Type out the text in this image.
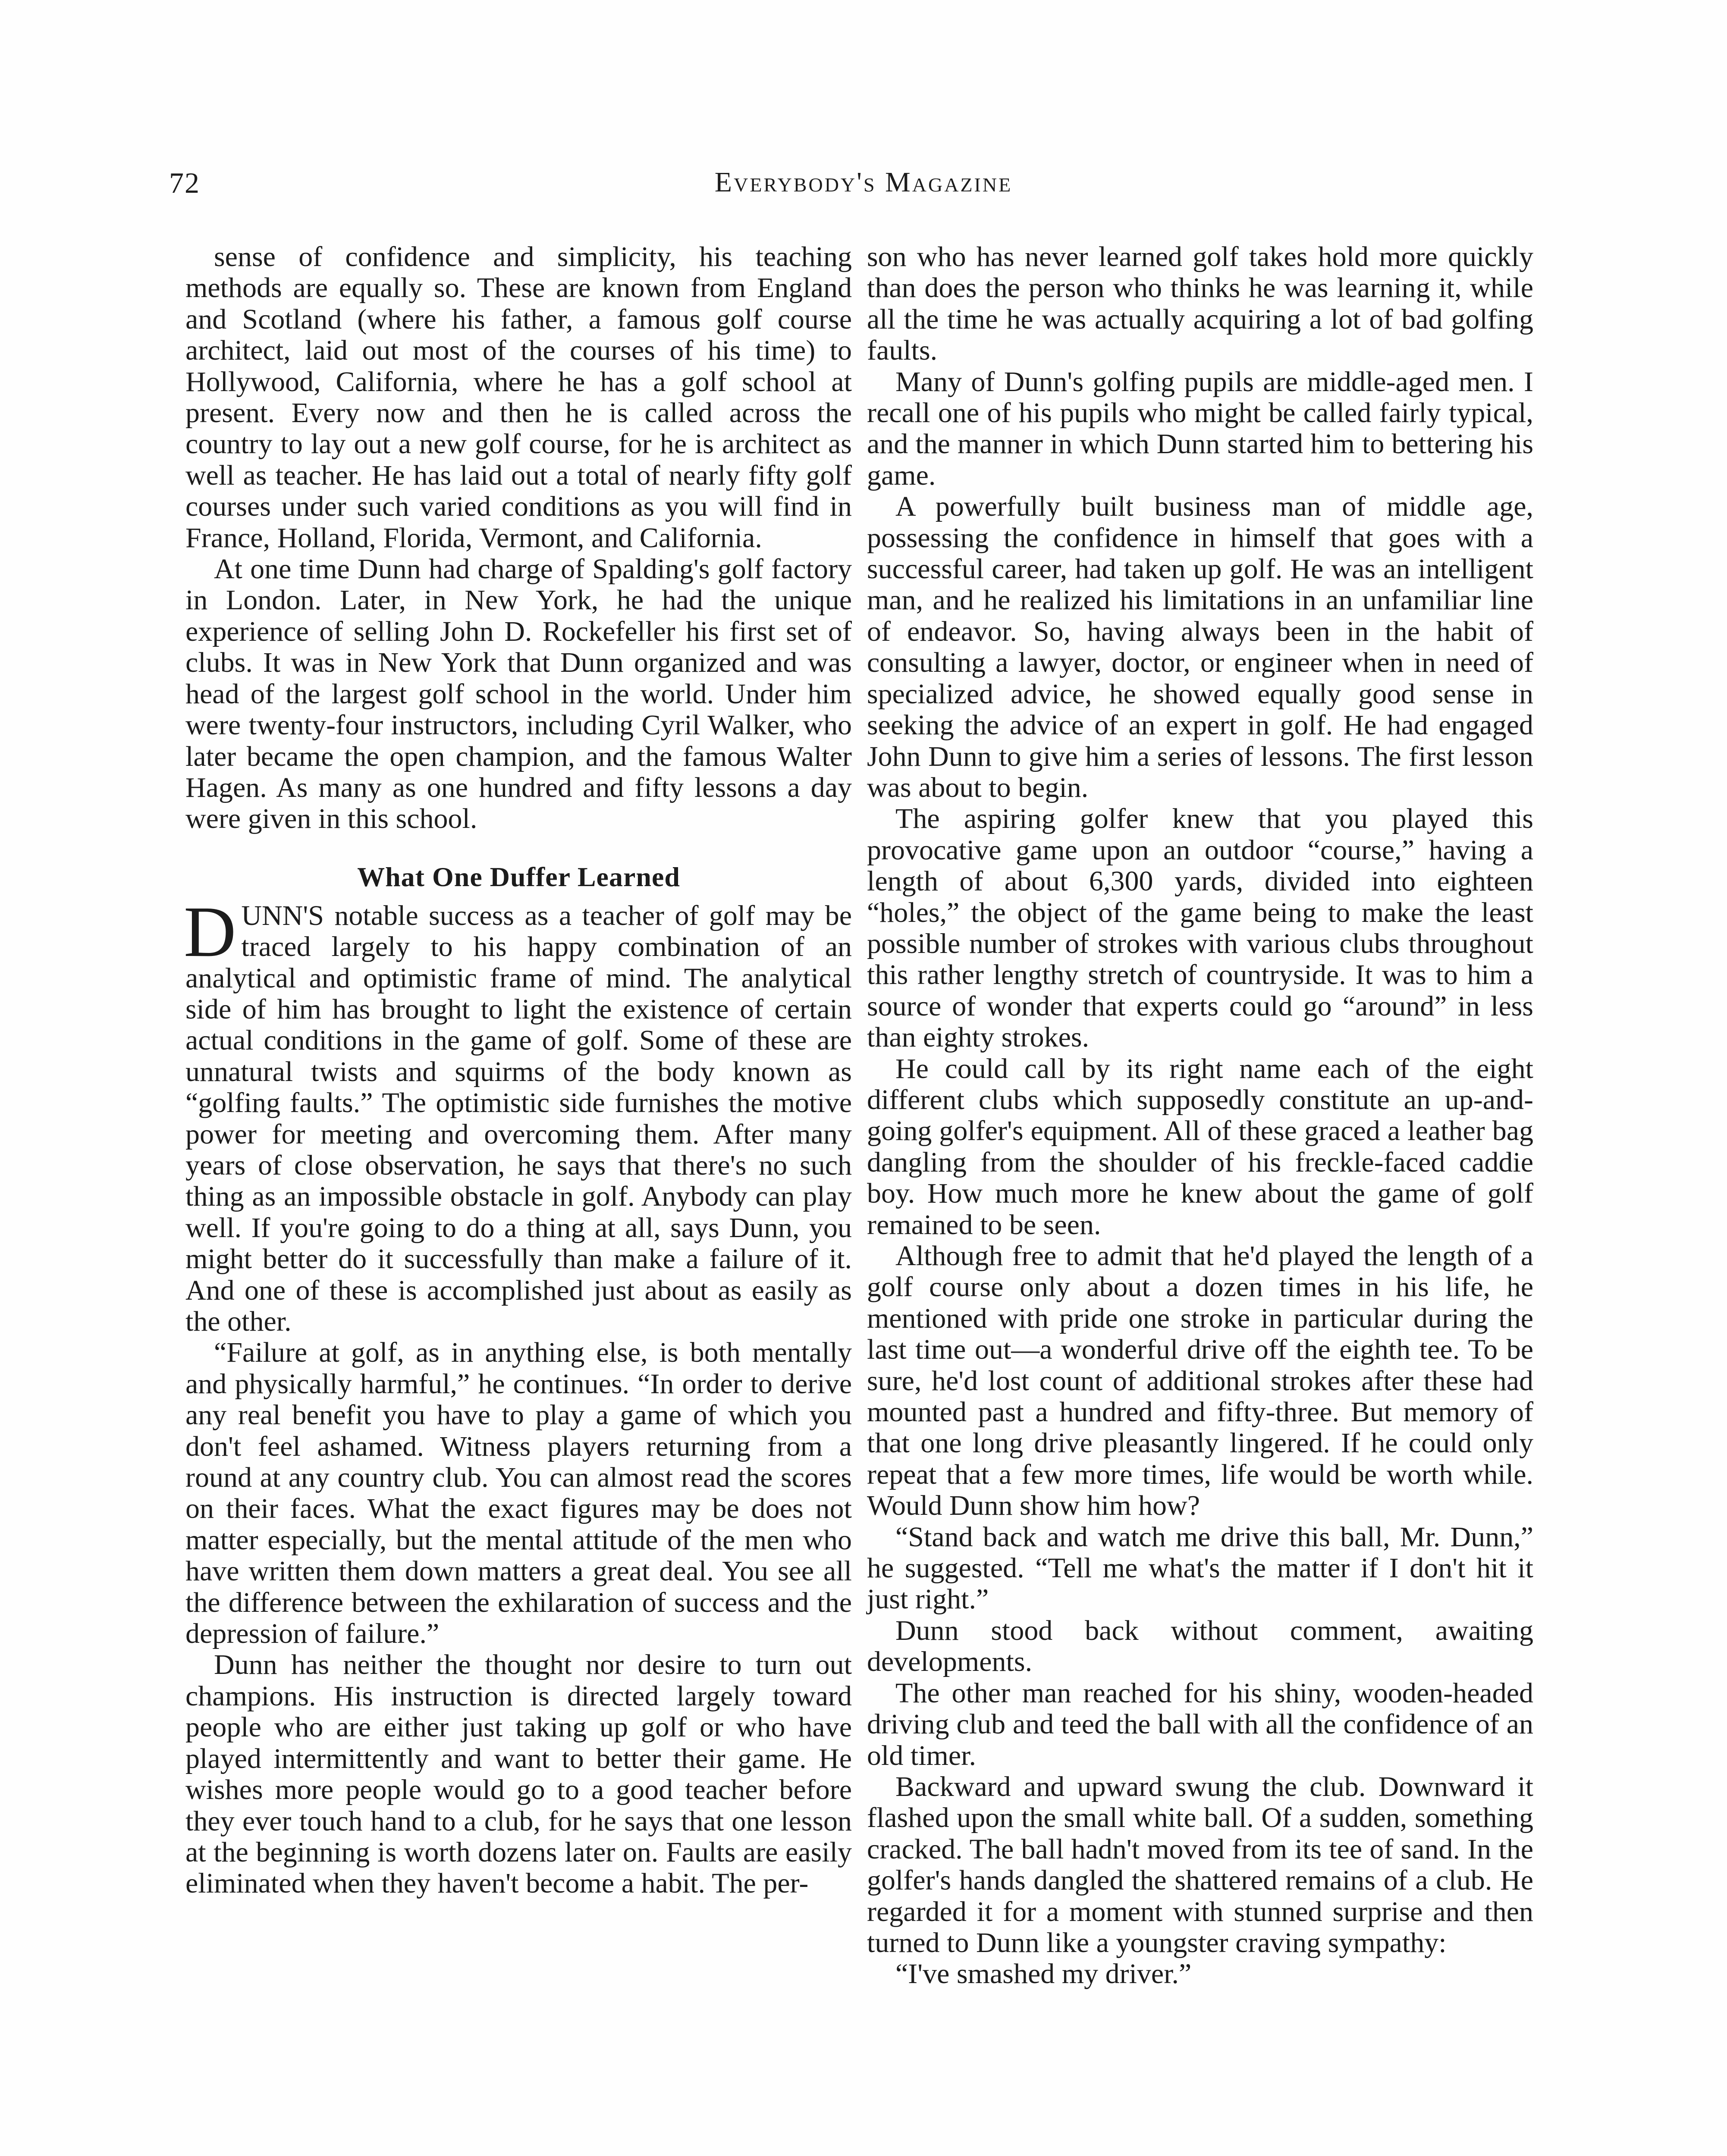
72	Everybody's Magazine

sense of confidence and simplicity, his teaching methods are equally so. These are known from England and Scotland (where his father, a famous golf course architect, laid out most of the courses of his time) to Hollywood, California, where he has a golf school at present. Every now and then he is called across the country to lay out a new golf course, for he is architect as well as teacher. He has laid out a total of nearly fifty golf courses under such varied conditions as you will find in France, Holland, Florida, Vermont, and California.

At one time Dunn had charge of Spalding's golf factory in London. Later, in New York, he had the unique experience of selling John D. Rockefeller his first set of clubs. It was in New York that Dunn organized and was head of the largest golf school in the world. Under him were twenty-four instructors, including Cyril Walker, who later became the open champion, and the famous Walter Hagen. As many as one hundred and fifty lessons a day were given in this school.

What One Duffer Learned

DUNN'S notable success as a teacher of golf may be traced largely to his happy combination of an analytical and optimistic frame of mind. The analytical side of him has brought to light the existence of certain actual conditions in the game of golf. Some of these are unnatural twists and squirms of the body known as “golfing faults.” The optimistic side furnishes the motive power for meeting and overcoming them. After many years of close observation, he says that there's no such thing as an impossible obstacle in golf. Anybody can play well. If you're going to do a thing at all, says Dunn, you might better do it successfully than make a failure of it. And one of these is accomplished just about as easily as the other.

“Failure at golf, as in anything else, is both mentally and physically harmful,” he continues. “In order to derive any real benefit you have to play a game of which you don't feel ashamed. Witness players returning from a round at any country club. You can almost read the scores on their faces. What the exact figures may be does not matter especially, but the mental attitude of the men who have written them down matters a great deal. You see all the difference between the exhilaration of success and the depression of failure.”

Dunn has neither the thought nor desire to turn out champions. His instruction is directed largely toward people who are either just taking up golf or who have played intermittently and want to better their game. He wishes more people would go to a good teacher before they ever touch hand to a club, for he says that one lesson at the beginning is worth dozens later on. Faults are easily eliminated when they haven't become a habit. The per-

son who has never learned golf takes hold more quickly than does the person who thinks he was learning it, while all the time he was actually acquiring a lot of bad golfing faults.

Many of Dunn's golfing pupils are middle-aged men. I recall one of his pupils who might be called fairly typical, and the manner in which Dunn started him to bettering his game.

A powerfully built business man of middle age, possessing the confidence in himself that goes with a successful career, had taken up golf. He was an intelligent man, and he realized his limitations in an unfamiliar line of endeavor. So, having always been in the habit of consulting a lawyer, doctor, or engineer when in need of specialized advice, he showed equally good sense in seeking the advice of an expert in golf. He had engaged John Dunn to give him a series of lessons. The first lesson was about to begin.

The aspiring golfer knew that you played this provocative game upon an outdoor “course,” having a length of about 6,300 yards, divided into eighteen “holes,” the object of the game being to make the least possible number of strokes with various clubs throughout this rather lengthy stretch of countryside. It was to him a source of wonder that experts could go “around” in less than eighty strokes.

He could call by its right name each of the eight different clubs which supposedly constitute an up-and-going golfer's equipment. All of these graced a leather bag dangling from the shoulder of his freckle-faced caddie boy. How much more he knew about the game of golf remained to be seen.

Although free to admit that he'd played the length of a golf course only about a dozen times in his life, he mentioned with pride one stroke in particular during the last time out—a wonderful drive off the eighth tee. To be sure, he'd lost count of additional strokes after these had mounted past a hundred and fifty-three. But memory of that one long drive pleasantly lingered. If he could only repeat that a few more times, life would be worth while. Would Dunn show him how?

“Stand back and watch me drive this ball, Mr. Dunn,” he suggested. “Tell me what's the matter if I don't hit it just right.”

Dunn stood back without comment, awaiting developments.

The other man reached for his shiny, wooden-headed driving club and teed the ball with all the confidence of an old timer.

Backward and upward swung the club. Downward it flashed upon the small white ball. Of a sudden, something cracked. The ball hadn't moved from its tee of sand. In the golfer's hands dangled the shattered remains of a club. He regarded it for a moment with stunned surprise and then turned to Dunn like a youngster craving sympathy:

“I've smashed my driver.”
